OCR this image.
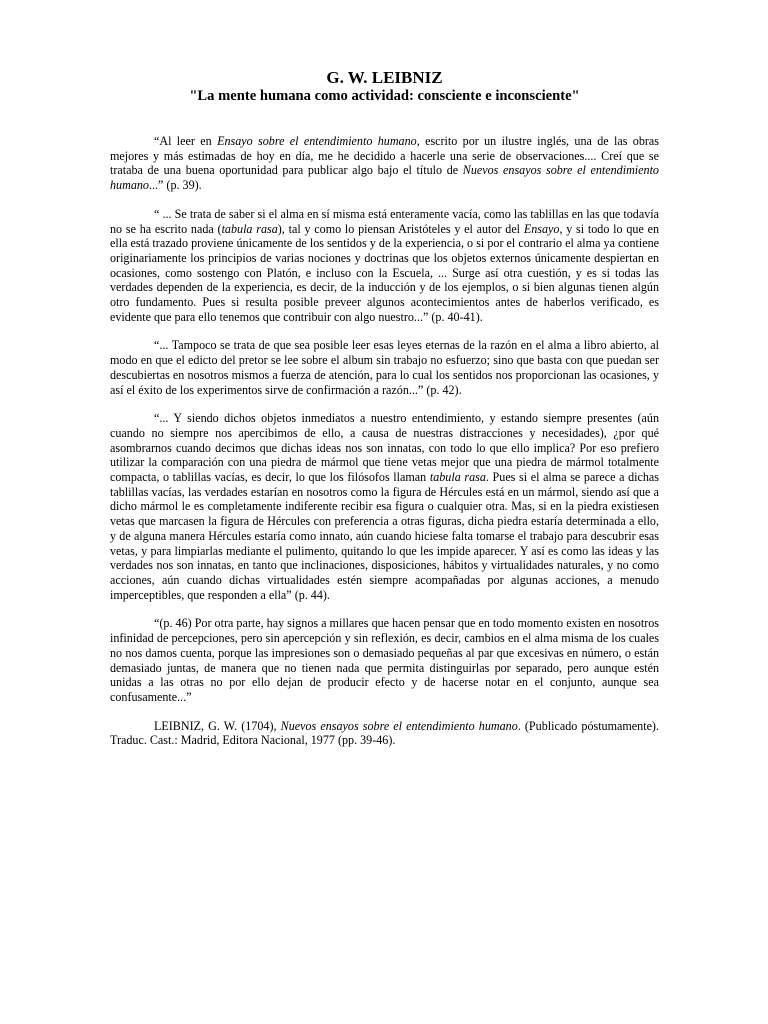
G. W. LEIBNIZ
"La mente humana como actividad: consciente e inconsciente"

“Al leer en Ensayo sobre el entendimiento humano, escrito por un ilustre inglés, una de las obras mejores y más estimadas de hoy en día, me he decidido a hacerle una serie de observaciones.... Creí que se trataba de una buena oportunidad para publicar algo bajo el título de Nuevos ensayos sobre el entendimiento humano...” (p. 39).

“ ... Se trata de saber si el alma en sí misma está enteramente vacía, como las tablillas en las que todavía no se ha escrito nada (tabula rasa), tal y como lo piensan Aristóteles y el autor del Ensayo, y si todo lo que en ella está trazado proviene únicamente de los sentidos y de la experiencia, o si por el contrario el alma ya contiene originariamente los principios de varias nociones y doctrinas que los objetos externos únicamente despiertan en ocasiones, como sostengo con Platón, e incluso con la Escuela, ... Surge así otra cuestión, y es si todas las verdades dependen de la experiencia, es decir, de la inducción y de los ejemplos, o si bien algunas tienen algún otro fundamento. Pues si resulta posible preveer algunos acontecimientos antes de haberlos verificado, es evidente que para ello tenemos que contribuir con algo nuestro...” (p. 40-41).

“... Tampoco se trata de que sea posible leer esas leyes eternas de la razón en el alma a libro abierto, al modo en que el edicto del pretor se lee sobre el album sin trabajo no esfuerzo; sino que basta con que puedan ser descubiertas en nosotros mismos a fuerza de atención, para lo cual los sentidos nos proporcionan las ocasiones, y así el éxito de los experimentos sirve de confirmación a razón...” (p. 42).

“... Y siendo dichos objetos inmediatos a nuestro entendimiento, y estando siempre presentes (aún cuando no siempre nos apercibimos de ello, a causa de nuestras distracciones y necesidades), ¿por qué asombrarnos cuando decimos que dichas ideas nos son innatas, con todo lo que ello implica? Por eso prefiero utilizar la comparación con una piedra de mármol que tiene vetas mejor que una piedra de mármol totalmente compacta, o tablillas vacías, es decir, lo que los filósofos llaman tabula rasa. Pues si el alma se parece a dichas tablillas vacías, las verdades estarían en nosotros como la figura de Hércules está en un mármol, siendo así que a dicho mármol le es completamente indiferente recibir esa figura o cualquier otra. Mas, si en la piedra existiesen vetas que marcasen la figura de Hércules con preferencia a otras figuras, dicha piedra estaría determinada a ello, y de alguna manera Hércules estaría como innato, aún cuando hiciese falta tomarse el trabajo para descubrir esas vetas, y para limpiarlas mediante el pulimento, quitando lo que les impide aparecer. Y así es como las ideas y las verdades nos son innatas, en tanto que inclinaciones, disposiciones, hábitos y virtualidades naturales, y no como acciones, aún cuando dichas virtualidades estén siempre acompañadas por algunas acciones, a menudo imperceptibles, que responden a ella” (p. 44).

“(p. 46) Por otra parte, hay signos a millares que hacen pensar que en todo momento existen en nosotros infinidad de percepciones, pero sin apercepción y sin reflexión, es decir, cambios en el alma misma de los cuales no nos damos cuenta, porque las impresiones son o demasiado pequeñas al par que excesivas en número, o están demasiado juntas, de manera que no tienen nada que permita distinguirlas por separado, pero aunque estén unidas a las otras no por ello dejan de producir efecto y de hacerse notar en el conjunto, aunque sea confusamente...”

LEIBNIZ, G. W. (1704), Nuevos ensayos sobre el entendimiento humano. (Publicado póstumamente). Traduc. Cast.: Madrid, Editora Nacional, 1977 (pp. 39-46).
